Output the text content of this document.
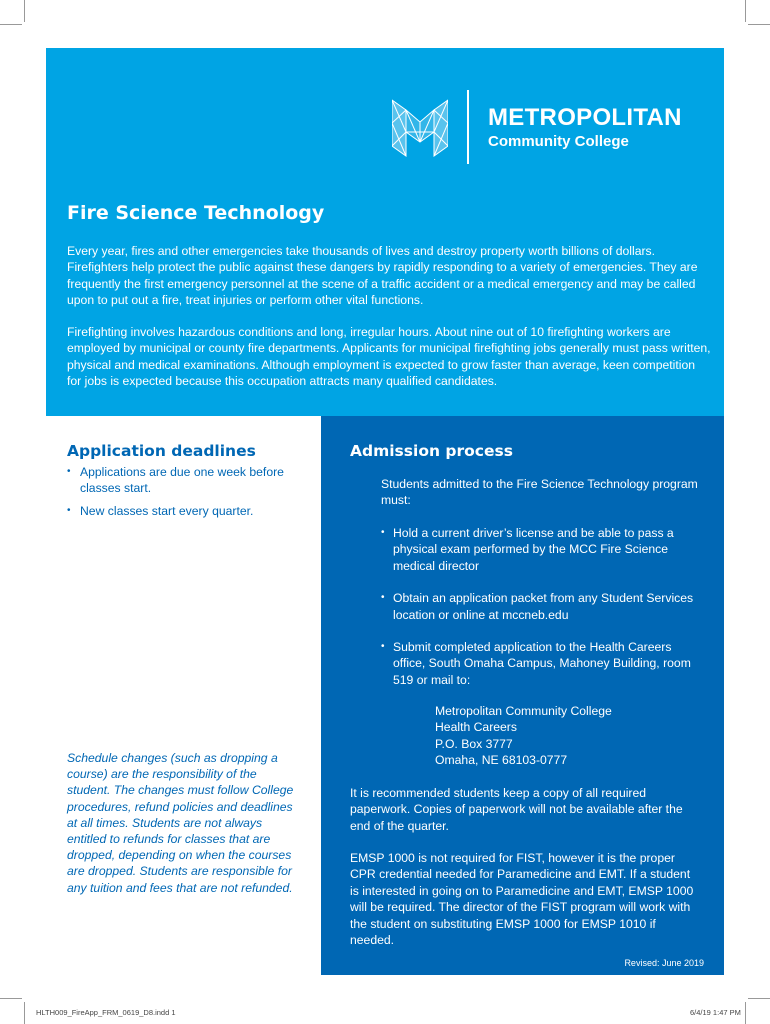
METROPOLITAN
Community College
Fire Science Technology

Every year, fires and other emergencies take thousands of lives and destroy property worth billions of dollars. Firefighters help protect the public against these dangers by rapidly responding to a variety of emergencies. They are frequently the first emergency personnel at the scene of a traffic accident or a medical emergency and may be called upon to put out a fire, treat injuries or perform other vital functions.

Firefighting involves hazardous conditions and long, irregular hours. About nine out of 10 firefighting workers are employed by municipal or county fire departments. Applicants for municipal firefighting jobs generally must pass written, physical and medical examinations. Although employment is expected to grow faster than average, keen competition for jobs is expected because this occupation attracts many qualified candidates.

Application deadlines
• Applications are due one week before classes start.
• New classes start every quarter.

Schedule changes (such as dropping a course) are the responsibility of the student. The changes must follow College procedures, refund policies and deadlines at all times. Students are not always entitled to refunds for classes that are dropped, depending on when the courses are dropped. Students are responsible for any tuition and fees that are not refunded.

Admission process

Students admitted to the Fire Science Technology program must:

• Hold a current driver’s license and be able to pass a physical exam performed by the MCC Fire Science medical director
• Obtain an application packet from any Student Services location or online at mccneb.edu
• Submit completed application to the Health Careers office, South Omaha Campus, Mahoney Building, room 519 or mail to:
Metropolitan Community College
Health Careers
P.O. Box 3777
Omaha, NE 68103-0777

It is recommended students keep a copy of all required paperwork. Copies of paperwork will not be available after the end of the quarter.

EMSP 1000 is not required for FIST, however it is the proper CPR credential needed for Paramedicine and EMT. If a student is interested in going on to Paramedicine and EMT, EMSP 1000 will be required. The director of the FIST program will work with the student on substituting EMSP 1000 for EMSP 1010 if needed.

Revised: June 2019
HLTH009_FireApp_FRM_0619_D8.indd 1	6/4/19 1:47 PM
